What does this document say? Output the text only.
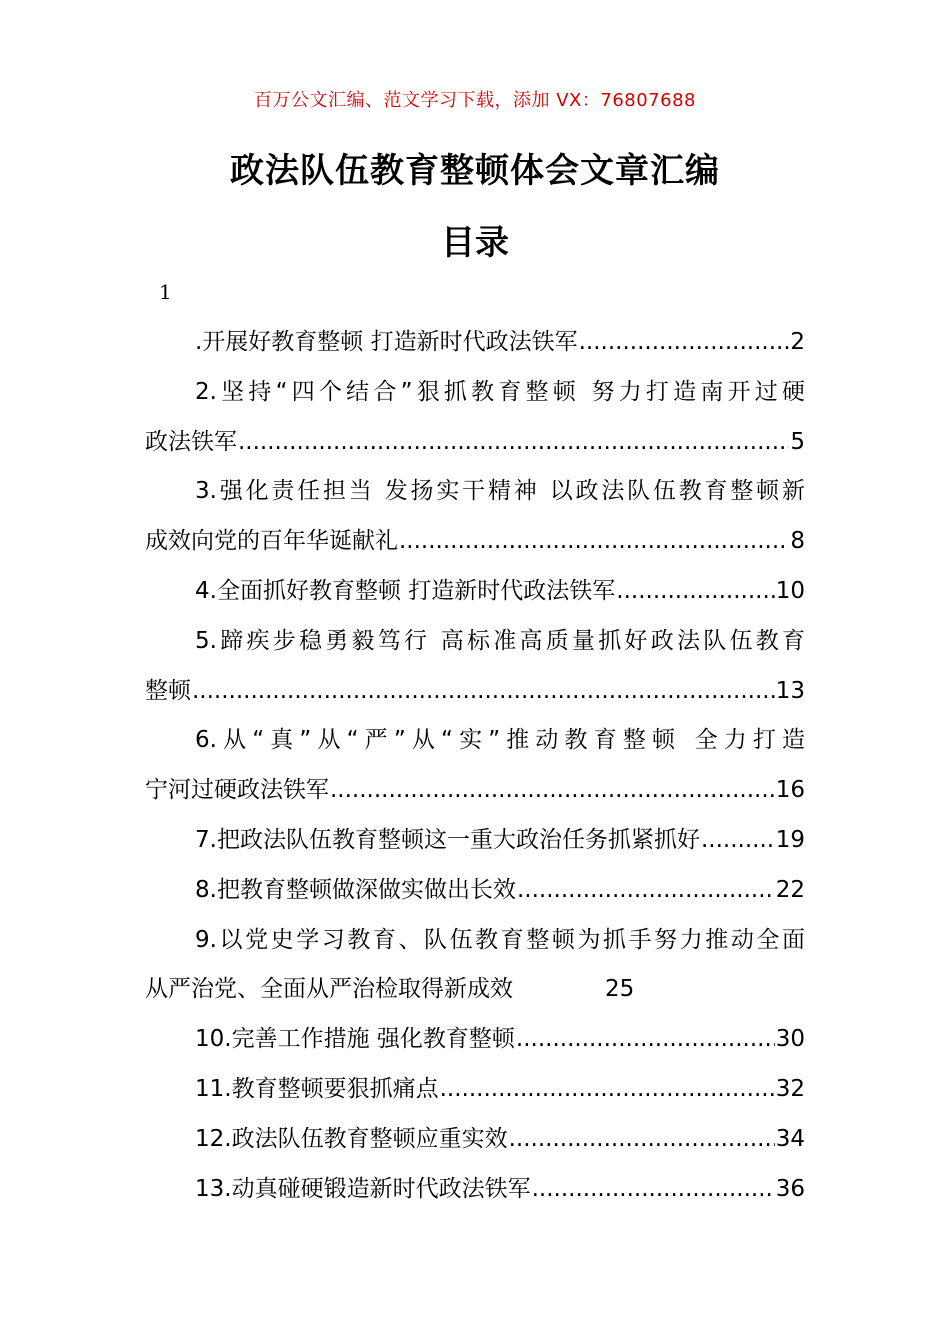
百万公文汇编、范文学习下载，添加 VX：76807688
政法队伍教育整顿体会文章汇编
目录
1
.开展好教育整顿 打造新时代政法铁军 .....	2
2.坚持“四个结合”狠抓教育整顿 努力打造南开过硬
政法铁军 .....	5
3.强化责任担当 发扬实干精神 以政法队伍教育整顿新
成效向党的百年华诞献礼 .....	8
4.全面抓好教育整顿 打造新时代政法铁军 .....	10
5.蹄疾步稳勇毅笃行 高标准高质量抓好政法队伍教育
整顿 .....	13
6.从“真”从“严”从“实”推动教育整顿 全力打造
宁河过硬政法铁军 .....	16
7.把政法队伍教育整顿这一重大政治任务抓紧抓好 .....	19
8.把教育整顿做深做实做出长效 .....	22
9.以党史学习教育、队伍教育整顿为抓手努力推动全面
从严治党、全面从严治检取得新成效	25
10.完善工作措施 强化教育整顿 .....	30
11.教育整顿要狠抓痛点 .....	32
12.政法队伍教育整顿应重实效 .....	34
13.动真碰硬锻造新时代政法铁军 .....	36
